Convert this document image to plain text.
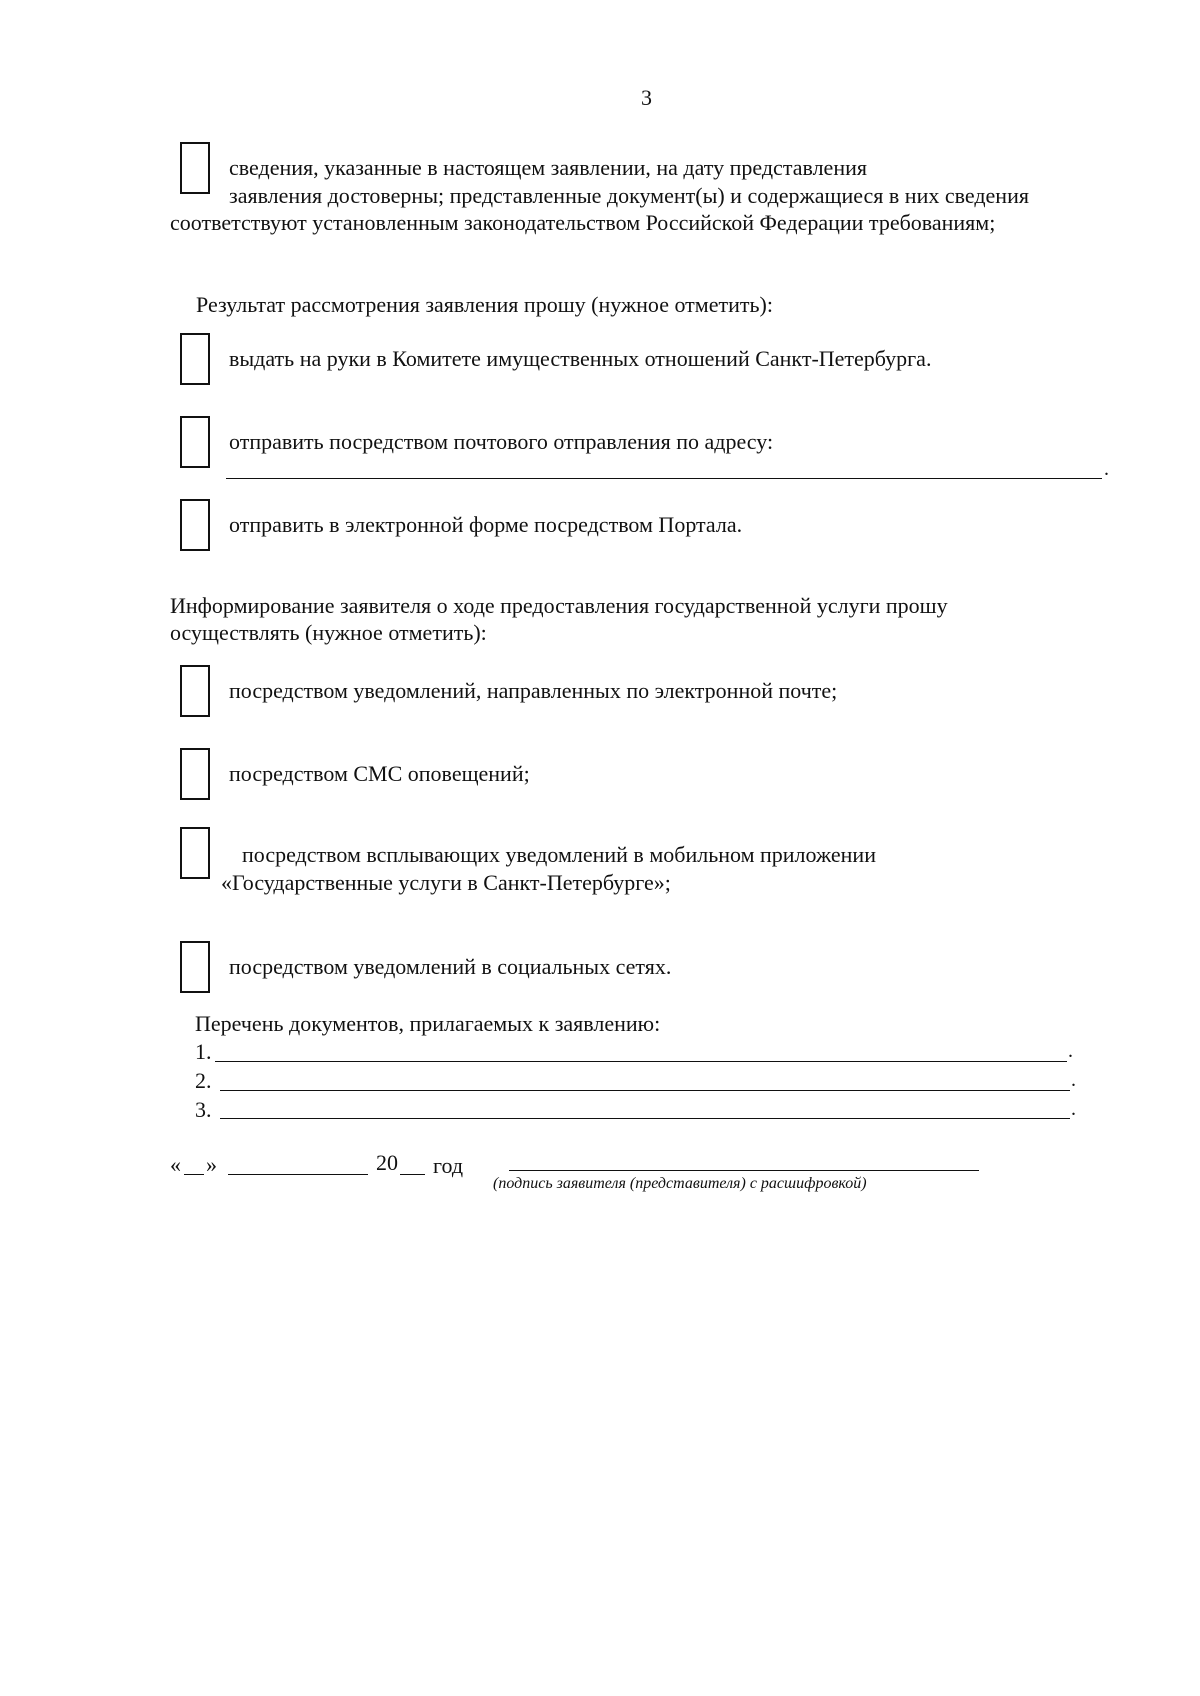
3
сведения, указанные в настоящем заявлении, на дату представления
заявления достоверны; представленные документ(ы) и содержащиеся в них сведения
соответствуют установленным законодательством Российской Федерации требованиям;
Результат рассмотрения заявления прошу (нужное отметить):
выдать на руки в Комитете имущественных отношений Санкт-Петербурга.
отправить посредством почтового отправления по адресу:
.
отправить в электронной форме посредством Портала.
Информирование заявителя о ходе предоставления государственной услуги прошу
осуществлять (нужное отметить):
посредством уведомлений, направленных по электронной почте;
посредством СМС оповещений;
посредством всплывающих уведомлений в мобильном приложении
«Государственные услуги в Санкт-Петербурге»;
посредством уведомлений в социальных сетях.
Перечень документов, прилагаемых к заявлению:
1.	.
2.	.
3.	.
« »	20 год
(подпись заявителя (представителя) с расшифровкой)
